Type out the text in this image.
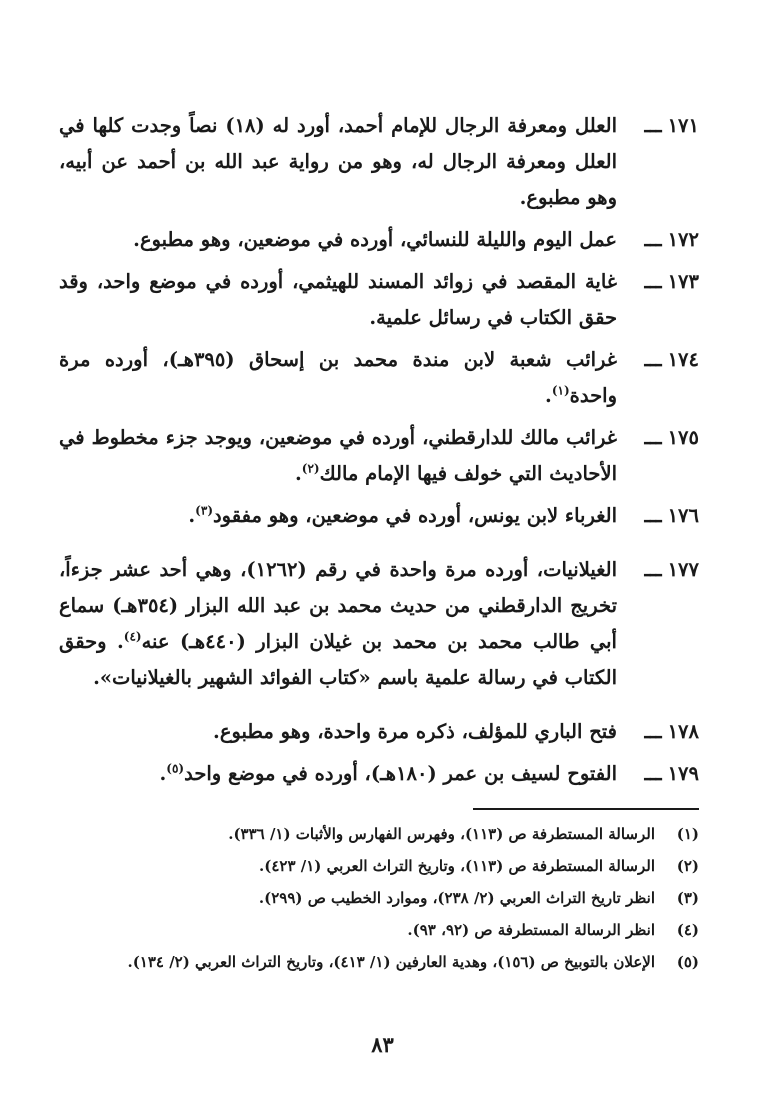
١٧١ـــ
العلل ومعرفة الرجال للإمام أحمد، أورد له (١٨) نصاً وجدت كلها في العلل ومعرفة الرجال له، وهو من رواية عبد الله بن أحمد عن أبيه، وهو مطبوع.

١٧٢ـــ
عمل اليوم والليلة للنسائي، أورده في موضعين، وهو مطبوع.

١٧٣ـــ
غاية المقصد في زوائد المسند للهيثمي، أورده في موضع واحد، وقد حقق الكتاب في رسائل علمية.

١٧٤ـــ
غرائب شعبة لابن مندة محمد بن إسحاق (٣٩٥هـ)، أورده مرة واحدة$^{(١)}$.

١٧٥ـــ
غرائب مالك للدارقطني، أورده في موضعين، ويوجد جزء مخطوط في الأحاديث التي خولف فيها الإمام مالك$^{(٢)}$.

١٧٦ـــ
الغرباء لابن يونس، أورده في موضعين، وهو مفقود$^{(٣)}$.

١٧٧ـــ
الغيلانيات، أورده مرة واحدة في رقم (١٢٦٢)، وهي أحد عشر جزءاً، تخريج الدارقطني من حديث محمد بن عبد الله البزار (٣٥٤هـ) سماع أبي طالب محمد بن محمد بن غيلان البزار (٤٤٠هـ) عنه$^{(٤)}$. وحقق الكتاب في رسالة علمية باسم «كتاب الفوائد الشهير بالغيلانيات».

١٧٨ـــ
فتح الباري للمؤلف، ذكره مرة واحدة، وهو مطبوع.

١٧٩ـــ
الفتوح لسيف بن عمر (١٨٠هـ)، أورده في موضع واحد$^{(٥)}$.

(١)
الرسالة المستطرفة ص (١١٣)، وفهرس الفهارس والأثبات (١/ ٣٣٦).

(٢)
الرسالة المستطرفة ص (١١٣)، وتاريخ التراث العربي (١/ ٤٢٣).

(٣)
انظر تاريخ التراث العربي (٢/ ٢٣٨)، وموارد الخطيب ص (٢٩٩).

(٤)
انظر الرسالة المستطرفة ص (٩٢، ٩٣).

(٥)
الإعلان بالتوبيخ ص (١٥٦)، وهدية العارفين (١/ ٤١٣)، وتاريخ التراث العربي (٢/ ١٣٤).

٨٣
